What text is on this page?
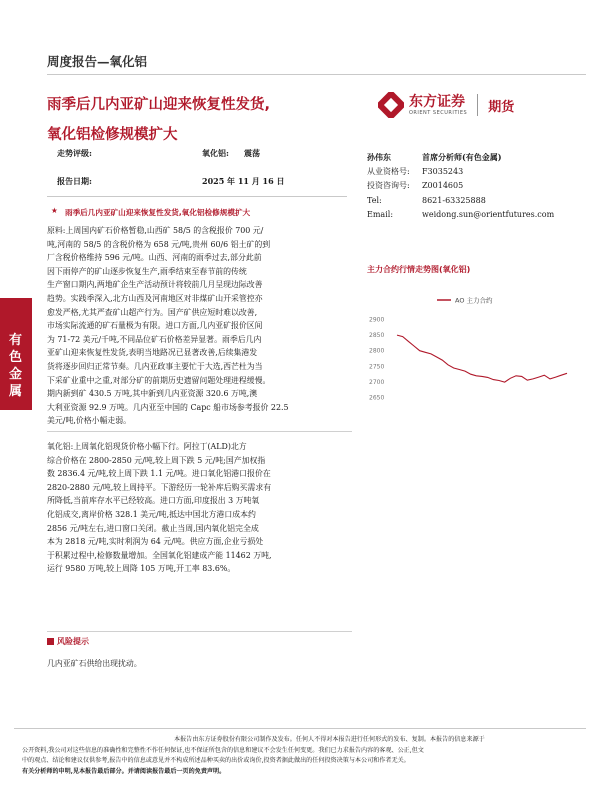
周度报告—氧化铝
雨季后几内亚矿山迎来恢复性发货,
氧化铝检修规模扩大
东方证券
ORIENT SECURITIES 期货
走势评级:	氧化铝: 震荡
报告日期:	2025 年 11 月 16 日
孙伟东	首席分析师(有色金属)
从业资格号: F3035243
投资咨询号: Z0014605
Tel:	8621-63325888
Email:	weidong.sun@orientfutures.com
★ 雨季后几内亚矿山迎来恢复性发货,氧化铝检修规模扩大
原料:上周国内矿石价格暂稳,山西矿 58/5 的含税报价 700 元/
吨,河南的 58/5 的含税价格为 658 元/吨,贵州 60/6 铝土矿的到
厂含税价格维持 596 元/吨。山西、河南的雨季过去,部分此前
因下雨停产的矿山逐步恢复生产,雨季结束至春节前的传统
生产窗口期内,两地矿企生产活动预计将较前几月呈现边际改善
趋势。实践季深入,北方山西及河南地区对非煤矿山开采管控亦
愈发严格,尤其严查矿山超产行为。国产矿供应短时难以改善,
市场实际流通的矿石量极为有限。进口方面,几内亚矿报价区间
为 71-72 美元/千吨,不同品位矿石价格差异显著。雨季后几内
亚矿山迎来恢复性发货,表明当地路况已显著改善,后续集港发
货将逐步回归正常节奏。几内亚政事主要忙于大选,西芒杜为当
下采矿业重中之重,对部分矿的前期历史遗留问题处理进程缓慢。
期内新到矿 430.5 万吨,其中新到几内亚资源 320.6 万吨,澳
大利亚资源 92.9 万吨。几内亚至中国的 Capc 船市场参考报价 22.5
美元/吨,价格小幅走弱。
氧化铝:上周氧化铝现货价格小幅下行。阿拉丁(ALD)北方
综合价格在 2800-2850 元/吨,较上周下跌 5 元/吨;国产加权指
数 2836.4 元/吨,较上周下跌 1.1 元/吨。进口氧化铝港口报价在
2820-2880 元/吨,较上周持平。下游经历一轮补库后购买需求有
所降低,当前库存水平已经较高。进口方面,印度报出 3 万吨氧
化铝成交,离岸价格 328.1 美元/吨,抵达中国北方港口成本约
2856 元/吨左右,进口窗口关闭。截止当周,国内氧化铝完全成
本为 2818 元/吨,实时利润为 64 元/吨。供应方面,企业亏损处
于积累过程中,检修数量增加。全国氧化铝建成产能 11462 万吨,
运行 9580 万吨,较上周降 105 万吨,开工率 83.6%。
风险提示
几内亚矿石供给出现扰动。
有色金属
主力合约行情走势图(氧化铝)
2900
2850
2800
2750
2700
2650
AO 主力合约
本报告由东方证券股份有限公司制作及发布。任何人不得对本报告进行任何形式的发布、复制。本报告的信息来源于
公开资料,我公司对这些信息的准确性和完整性不作任何保证,也不保证所包含的信息和建议不会发生任何变更。我们已力求报告内容的客观、公正,但文
中的观点、结论和建议仅供参考,报告中的信息或意见并不构成所述品种买卖的出价或询价,投资者据此做出的任何投资决策与本公司和作者无关。
有关分析师的申明,见本报告最后部分。并请阅读报告最后一页的免责声明。
